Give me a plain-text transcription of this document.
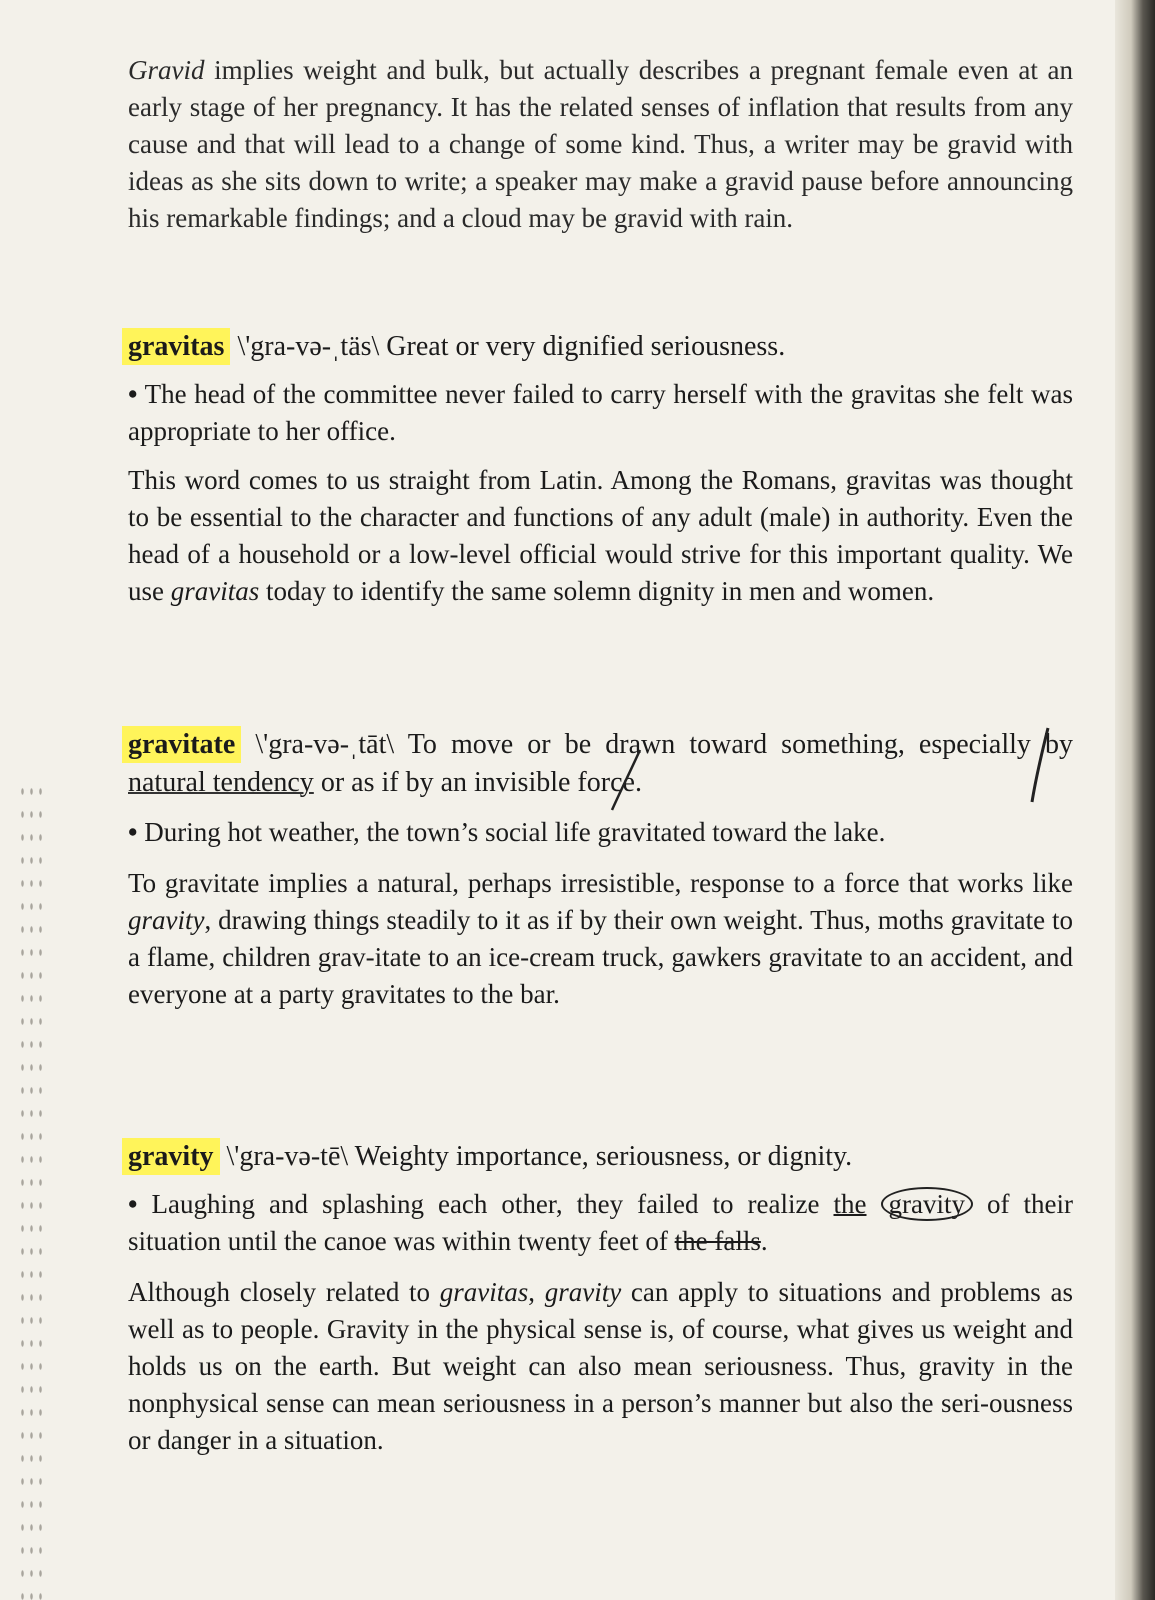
Gravid implies weight and bulk, but actually describes a pregnant female even at an early stage of her pregnancy. It has the related senses of inflation that results from any cause and that will lead to a change of some kind. Thus, a writer may be gravid with ideas as she sits down to write; a speaker may make a gravid pause before announcing his remarkable findings; and a cloud may be gravid with rain.

gravitas \'gra-və-ˌtäs\ Great or very dignified seriousness.

• The head of the committee never failed to carry herself with the gravitas she felt was appropriate to her office.

This word comes to us straight from Latin. Among the Romans, gravitas was thought to be essential to the character and functions of any adult (male) in authority. Even the head of a household or a low-level official would strive for this important quality. We use gravitas today to identify the same solemn dignity in men and women.

gravitate \'gra-və-ˌtāt\ To move or be drawn toward something, especially by natural tendency or as if by an invisible force.

• During hot weather, the town’s social life gravitated toward the lake.

To gravitate implies a natural, perhaps irresistible, response to a force that works like gravity, drawing things steadily to it as if by their own weight. Thus, moths gravitate to a flame, children grav-itate to an ice-cream truck, gawkers gravitate to an accident, and everyone at a party gravitates to the bar.

gravity \'gra-və-tē\ Weighty importance, seriousness, or dignity.

• Laughing and splashing each other, they failed to realize the gravity of their situation until the canoe was within twenty feet of the falls.

Although closely related to gravitas, gravity can apply to situations and problems as well as to people. Gravity in the physical sense is, of course, what gives us weight and holds us on the earth. But weight can also mean seriousness. Thus, gravity in the nonphysical sense can mean seriousness in a person’s manner but also the seri-ousness or danger in a situation.
